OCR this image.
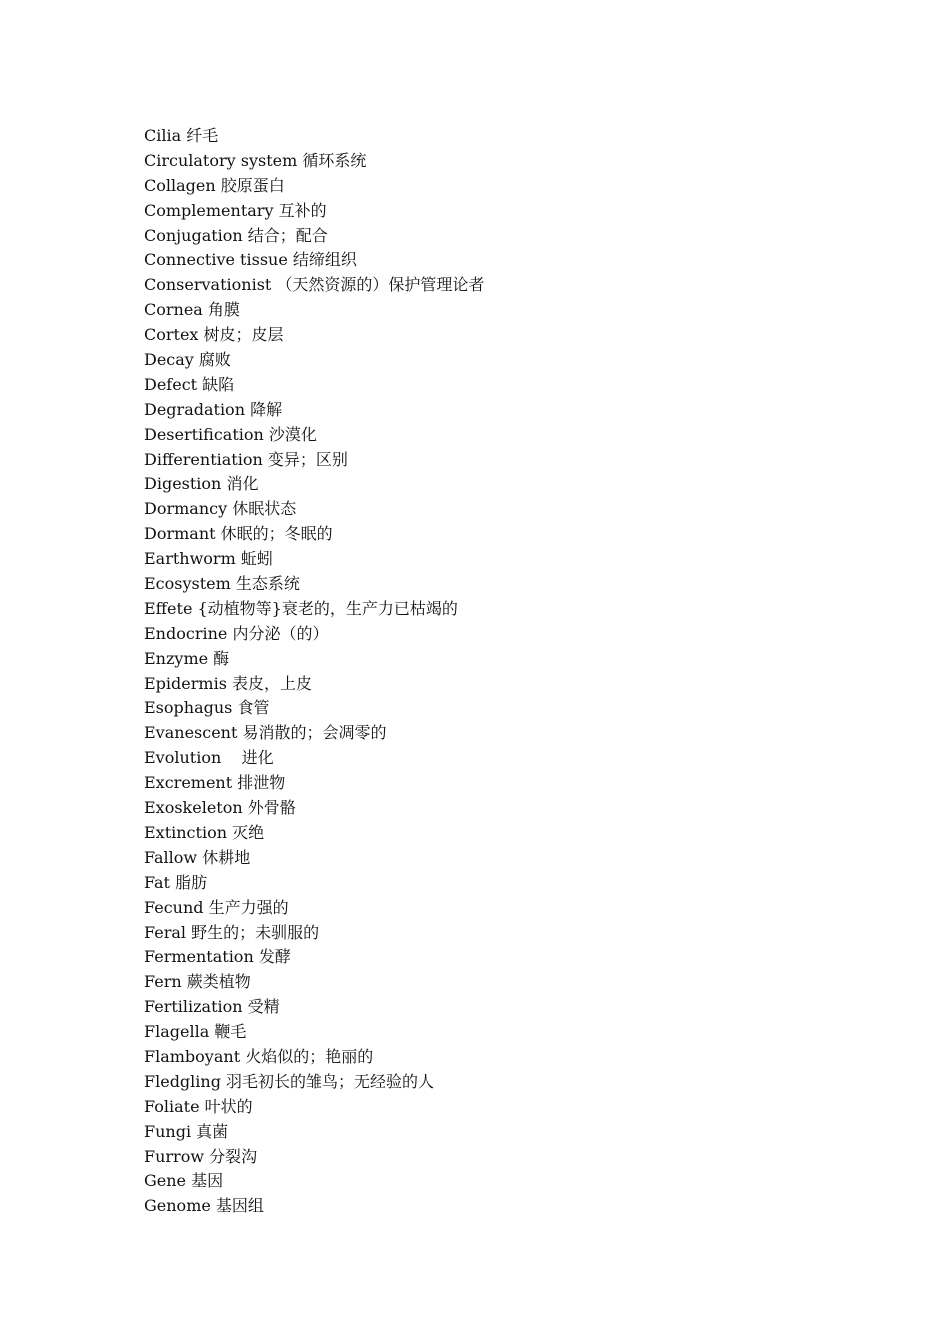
Cilia 纤毛
Circulatory system 循环系统
Collagen 胶原蛋白
Complementary 互补的
Conjugation 结合；配合
Connective tissue 结缔组织
Conservationist （天然资源的）保护管理论者
Cornea 角膜
Cortex 树皮；皮层
Decay 腐败
Defect 缺陷
Degradation 降解
Desertification 沙漠化
Differentiation 变异；区别
Digestion 消化
Dormancy 休眠状态
Dormant 休眠的；冬眠的
Earthworm 蚯蚓
Ecosystem 生态系统
Effete {动植物等}衰老的，生产力已枯竭的
Endocrine 内分泌（的）
Enzyme 酶
Epidermis 表皮，上皮
Esophagus 食管
Evanescent 易消散的；会凋零的
Evolution    进化
Excrement 排泄物
Exoskeleton 外骨骼
Extinction 灭绝
Fallow 休耕地
Fat 脂肪
Fecund 生产力强的
Feral 野生的；未驯服的
Fermentation 发酵
Fern 蕨类植物
Fertilization 受精
Flagella 鞭毛
Flamboyant 火焰似的；艳丽的
Fledgling 羽毛初长的雏鸟；无经验的人
Foliate 叶状的
Fungi 真菌
Furrow 分裂沟
Gene 基因
Genome 基因组
